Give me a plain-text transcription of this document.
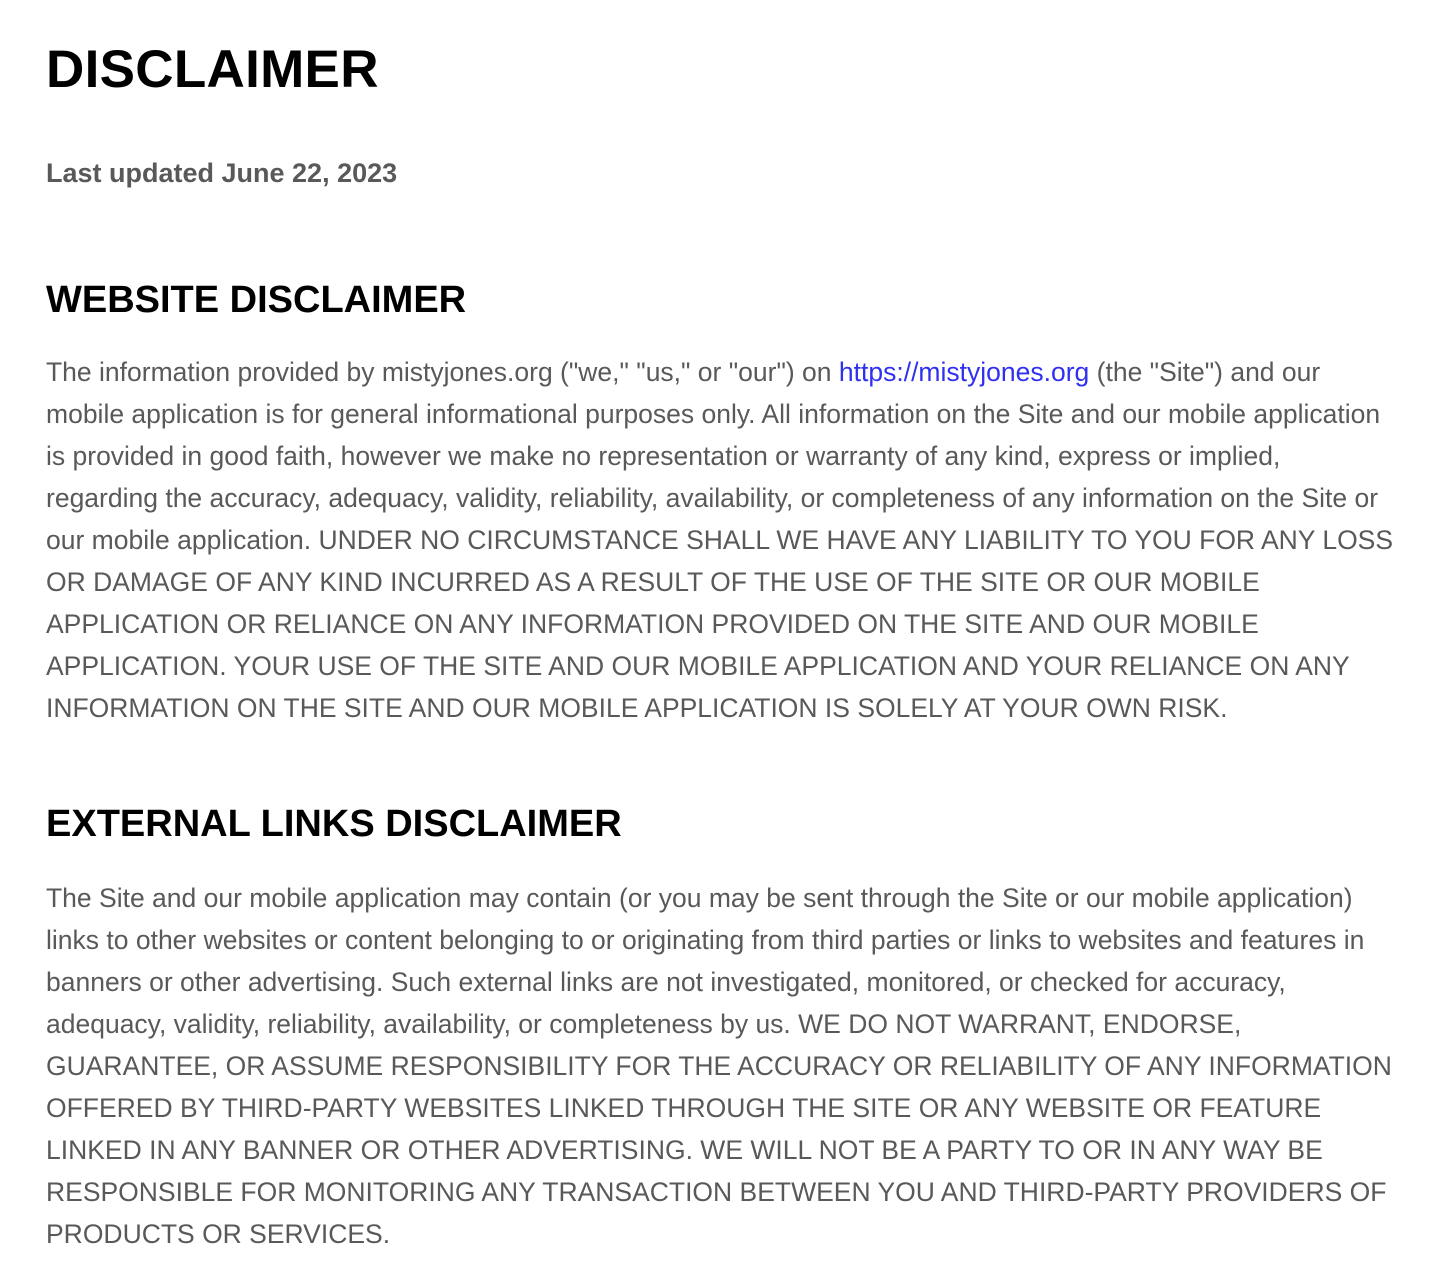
DISCLAIMER
Last updated June 22, 2023
WEBSITE DISCLAIMER

The information provided by mistyjones.org ("we," "us," or "our") on https://mistyjones.org (the "Site") and our mobile application is for general informational purposes only. All information on the Site and our mobile application is provided in good faith, however we make no representation or warranty of any kind, express or implied, regarding the accuracy, adequacy, validity, reliability, availability, or completeness of any information on the Site or our mobile application. UNDER NO CIRCUMSTANCE SHALL WE HAVE ANY LIABILITY TO YOU FOR ANY LOSS OR DAMAGE OF ANY KIND INCURRED AS A RESULT OF THE USE OF THE SITE OR OUR MOBILE APPLICATION OR RELIANCE ON ANY INFORMATION PROVIDED ON THE SITE AND OUR MOBILE APPLICATION. YOUR USE OF THE SITE AND OUR MOBILE APPLICATION AND YOUR RELIANCE ON ANY INFORMATION ON THE SITE AND OUR MOBILE APPLICATION IS SOLELY AT YOUR OWN RISK.

EXTERNAL LINKS DISCLAIMER

The Site and our mobile application may contain (or you may be sent through the Site or our mobile application) links to other websites or content belonging to or originating from third parties or links to websites and features in banners or other advertising. Such external links are not investigated, monitored, or checked for accuracy, adequacy, validity, reliability, availability, or completeness by us. WE DO NOT WARRANT, ENDORSE, GUARANTEE, OR ASSUME RESPONSIBILITY FOR THE ACCURACY OR RELIABILITY OF ANY INFORMATION OFFERED BY THIRD-PARTY WEBSITES LINKED THROUGH THE SITE OR ANY WEBSITE OR FEATURE LINKED IN ANY BANNER OR OTHER ADVERTISING. WE WILL NOT BE A PARTY TO OR IN ANY WAY BE RESPONSIBLE FOR MONITORING ANY TRANSACTION BETWEEN YOU AND THIRD-PARTY PROVIDERS OF PRODUCTS OR SERVICES.
